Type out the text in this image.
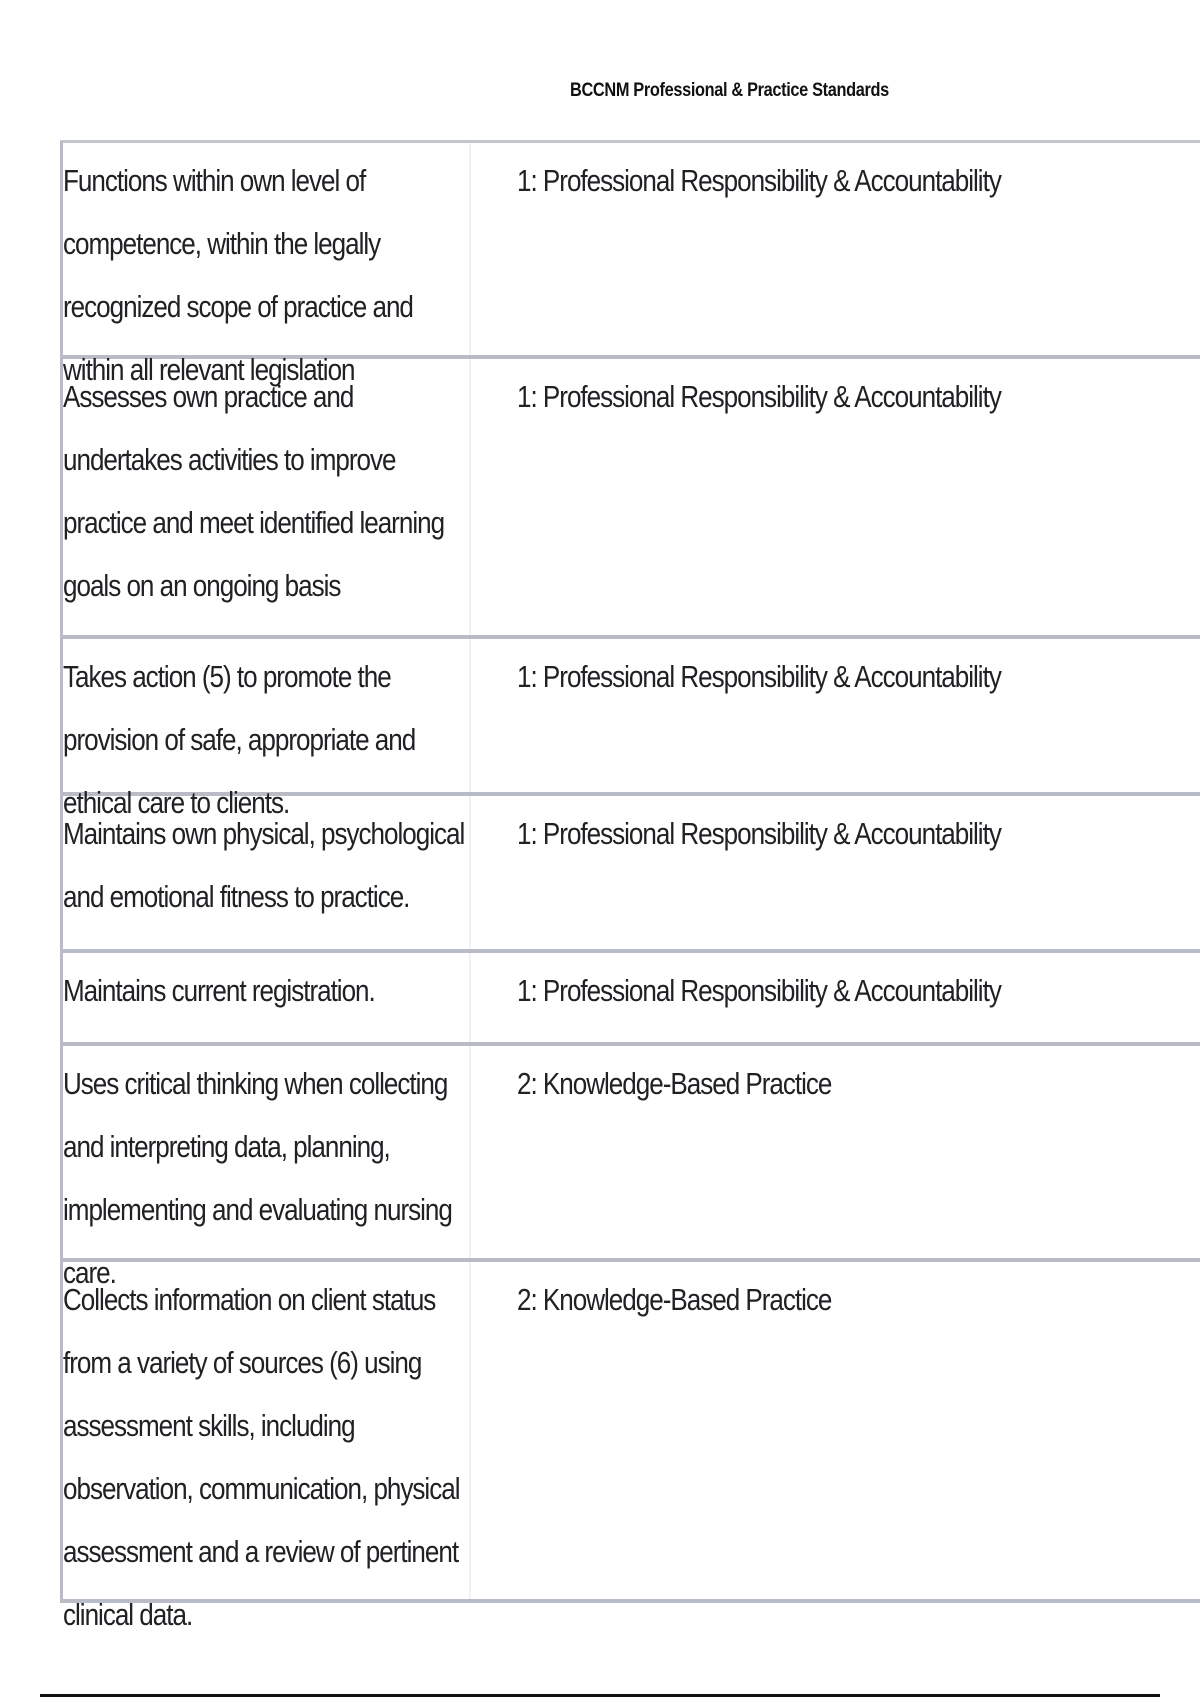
BCCNM Professional & Practice Standards
Functions within own level of competence, within the legally recognized scope of practice and within all relevant legislation
1: Professional Responsibility & Accountability
Assesses own practice and undertakes activities to improve practice and meet identified learning goals on an ongoing basis
1: Professional Responsibility & Accountability
Takes action (5) to promote the provision of safe, appropriate and ethical care to clients.
1: Professional Responsibility & Accountability
Maintains own physical, psychological and emotional fitness to practice.
1: Professional Responsibility & Accountability
Maintains current registration.	1: Professional Responsibility & Accountability
Uses critical thinking when collecting and interpreting data, planning, implementing and evaluating nursing care.
2: Knowledge-Based Practice
Collects information on client status from a variety of sources (6) using assessment skills, including observation, communication, physical assessment and a review of pertinent clinical data.
2: Knowledge-Based Practice
